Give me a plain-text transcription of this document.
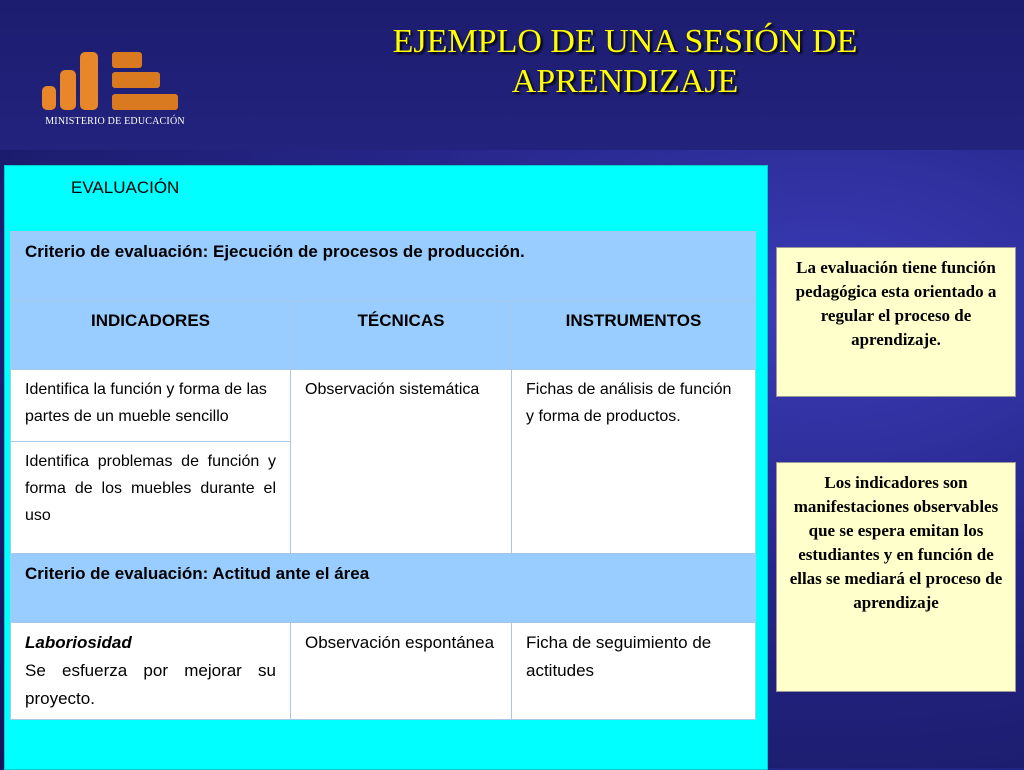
MINISTERIO DE EDUCACIÓN
EJEMPLO DE UNA SESIÓN DE
APRENDIZAJE
EVALUACIÓN
Criterio de evaluación: Ejecución de procesos de producción.		
INDICADORES	TÉCNICAS	INSTRUMENTOS
Identifica la función y forma de las partes de un mueble sencillo	Observación sistemática	Fichas de análisis de función y forma de productos.
Identifica problemas de función y forma de los muebles durante el uso		
Criterio de evaluación: Actitud ante el área		

Laboriosidad
Se esfuerza por mejorar su proyecto.	Observación espontánea	Ficha de seguimiento de actitudes
La evaluación tiene función pedagógica esta orientado a regular el proceso de aprendizaje.
Los indicadores son manifestaciones observables que se espera emitan los estudiantes y en función de ellas se mediará el proceso de aprendizaje
